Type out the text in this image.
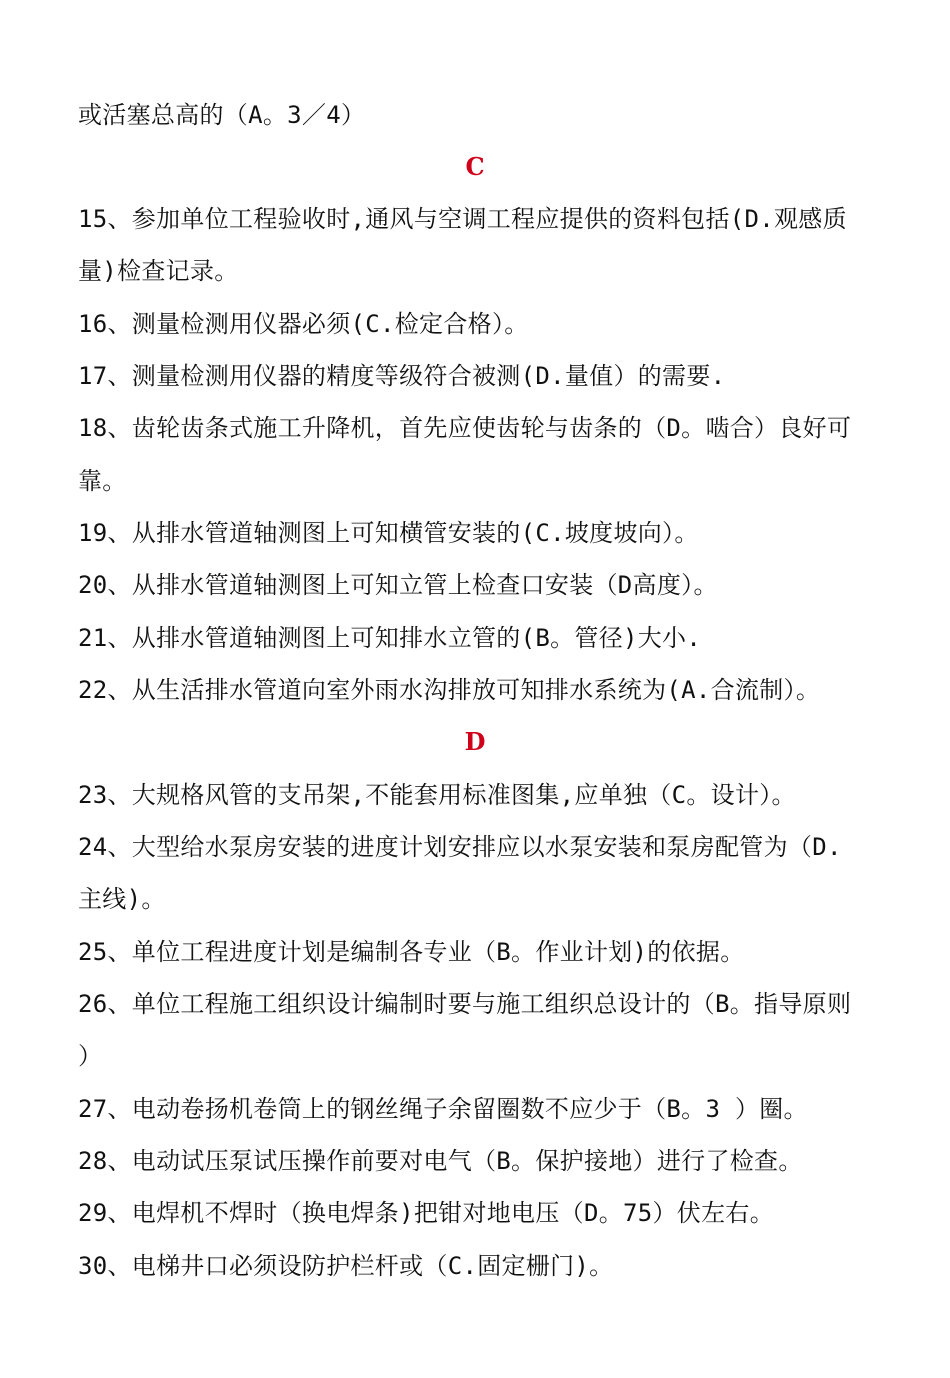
或活塞总高的（A。3／4）
C
15、参加单位工程验收时,通风与空调工程应提供的资料包括(D.观感质
量)检查记录。
16、测量检测用仪器必须(C.检定合格）。
17、测量检测用仪器的精度等级符合被测(D.量值）的需要.
18、齿轮齿条式施工升降机，首先应使齿轮与齿条的（D。啮合）良好可
靠。
19、从排水管道轴测图上可知横管安装的(C.坡度坡向）。
20、从排水管道轴测图上可知立管上检查口安装（D高度）。
21、从排水管道轴测图上可知排水立管的(B。管径)大小.
22、从生活排水管道向室外雨水沟排放可知排水系统为(A.合流制）。
D
23、大规格风管的支吊架,不能套用标准图集,应单独（C。设计）。
24、大型给水泵房安装的进度计划安排应以水泵安装和泵房配管为（D.
主线)。
25、单位工程进度计划是编制各专业（B。作业计划)的依据。
26、单位工程施工组织设计编制时要与施工组织总设计的（B。指导原则
）
27、电动卷扬机卷筒上的钢丝绳子余留圈数不应少于（B。3 ）圈。
28、电动试压泵试压操作前要对电气（B。保护接地）进行了检查。
29、电焊机不焊时（换电焊条)把钳对地电压（D。75）伏左右。
30、电梯井口必须设防护栏杆或（C.固定栅门)。
